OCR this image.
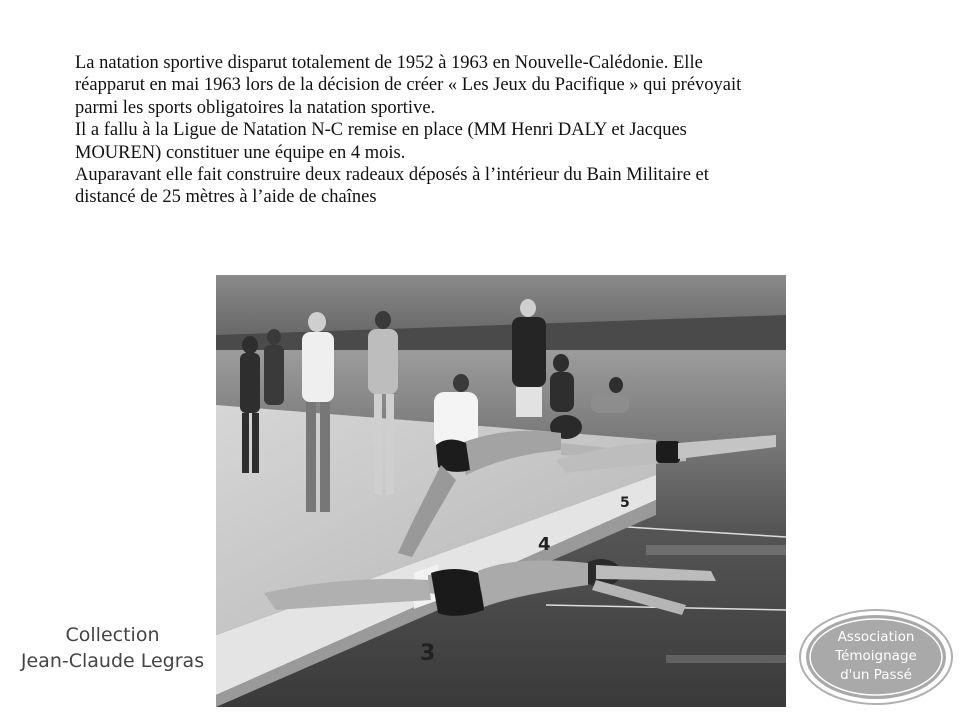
La natation sportive disparut totalement de 1952 à 1963 en Nouvelle-Calédonie. Elle
réapparut en mai 1963 lors de la décision de créer « Les Jeux du Pacifique » qui prévoyait
parmi les sports obligatoires la natation sportive.
Il a fallu à la Ligue de Natation N-C remise en place (MM Henri DALY et Jacques
MOUREN) constituer une équipe en 4 mois.
Auparavant elle fait construire deux radeaux déposés à l’intérieur du Bain Militaire et
distancé de 25 mètres à l’aide de chaînes
3
4
5
Collection
Jean-Claude Legras
Association
Témoignage
d'un Passé
